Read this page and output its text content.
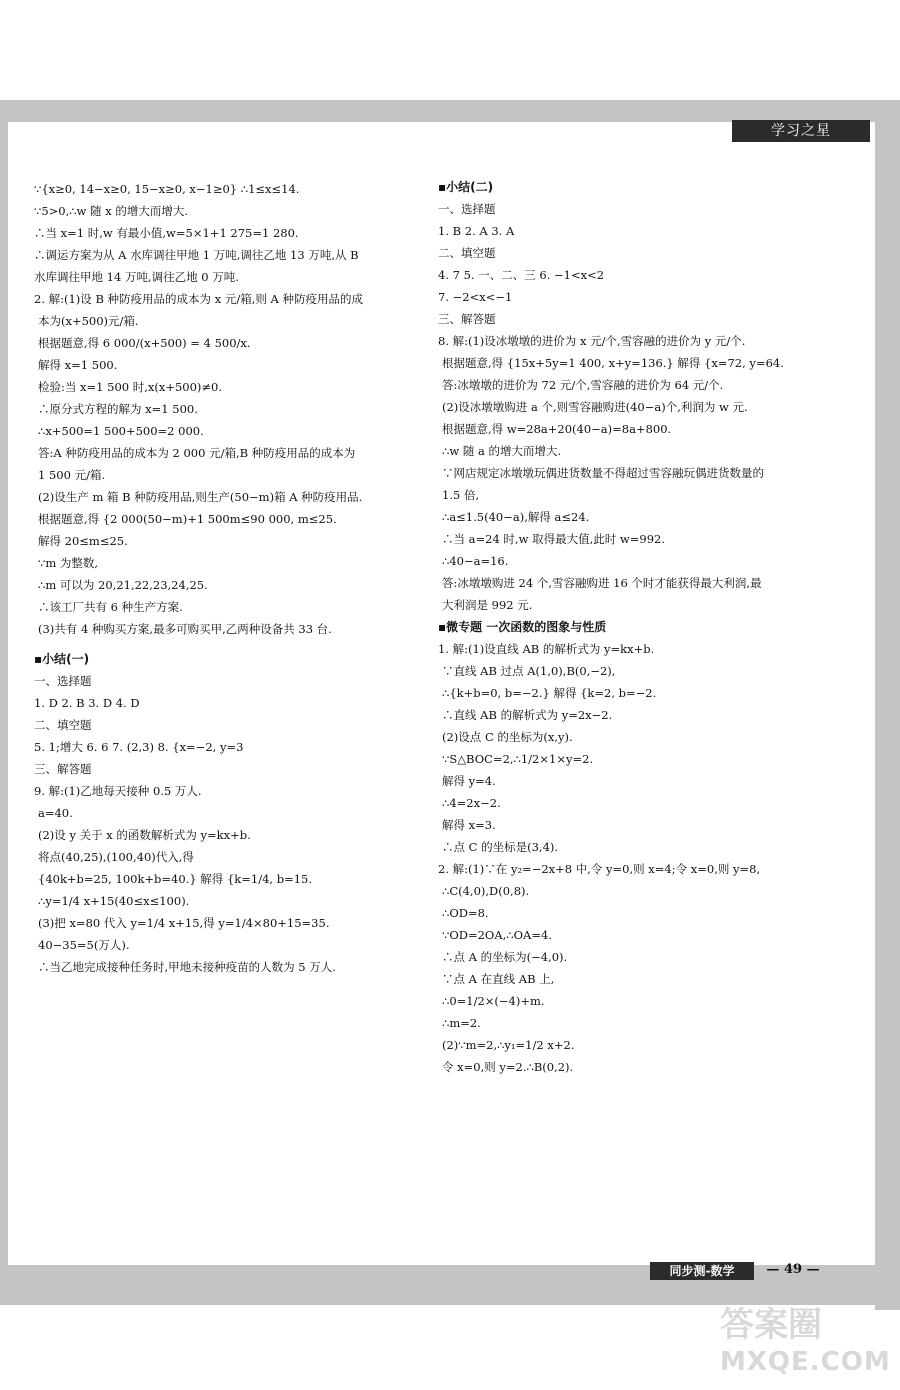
学习之星
∵{x≥0, 14−x≥0, 15−x≥0, x−1≥0} ∴1≤x≤14.
∵5>0,∴w 随 x 的增大而增大.
∴当 x=1 时,w 有最小值,w=5×1+1 275=1 280.
∴调运方案为从 A 水库调往甲地 1 万吨,调往乙地 13 万吨,从 B
水库调往甲地 14 万吨,调往乙地 0 万吨.
2. 解:(1)设 B 种防疫用品的成本为 x 元/箱,则 A 种防疫用品的成
本为(x+500)元/箱.
根据题意,得 6 000/(x+500) = 4 500/x.
解得 x=1 500.
检验:当 x=1 500 时,x(x+500)≠0.
∴原分式方程的解为 x=1 500.
∴x+500=1 500+500=2 000.
答:A 种防疫用品的成本为 2 000 元/箱,B 种防疫用品的成本为
1 500 元/箱.
(2)设生产 m 箱 B 种防疫用品,则生产(50−m)箱 A 种防疫用品.
根据题意,得 {2 000(50−m)+1 500m≤90 000, m≤25.
解得 20≤m≤25.
∵m 为整数,
∴m 可以为 20,21,22,23,24,25.
∴该工厂共有 6 种生产方案.
(3)共有 4 种购买方案,最多可购买甲,乙两种设备共 33 台.
▪小结(一)
一、选择题
1. D 2. B 3. D 4. D
二、填空题
5. 1;增大 6. 6 7. (2,3) 8. {x=−2, y=3
三、解答题
9. 解:(1)乙地每天接种 0.5 万人.
a=40.
(2)设 y 关于 x 的函数解析式为 y=kx+b.
将点(40,25),(100,40)代入,得
{40k+b=25, 100k+b=40.} 解得 {k=1/4, b=15.
∴y=1/4 x+15(40≤x≤100).
(3)把 x=80 代入 y=1/4 x+15,得 y=1/4×80+15=35.
40−35=5(万人).
∴当乙地完成接种任务时,甲地未接种疫苗的人数为 5 万人.
▪小结(二)
一、选择题
1. B 2. A 3. A
二、填空题
4. 7 5. 一、二、三 6. −1<x<2
7. −2<x<−1
三、解答题
8. 解:(1)设冰墩墩的进价为 x 元/个,雪容融的进价为 y 元/个.
根据题意,得 {15x+5y=1 400, x+y=136.} 解得 {x=72, y=64.
答:冰墩墩的进价为 72 元/个,雪容融的进价为 64 元/个.
(2)设冰墩墩购进 a 个,则雪容融购进(40−a)个,利润为 w 元.
根据题意,得 w=28a+20(40−a)=8a+800.
∴w 随 a 的增大而增大.
∵网店规定冰墩墩玩偶进货数量不得超过雪容融玩偶进货数量的
1.5 倍,
∴a≤1.5(40−a),解得 a≤24.
∴当 a=24 时,w 取得最大值,此时 w=992.
∴40−a=16.
答:冰墩墩购进 24 个,雪容融购进 16 个时才能获得最大利润,最
大利润是 992 元.
▪微专题 一次函数的图象与性质
1. 解:(1)设直线 AB 的解析式为 y=kx+b.
∵直线 AB 过点 A(1,0),B(0,−2),
∴{k+b=0, b=−2.} 解得 {k=2, b=−2.
∴直线 AB 的解析式为 y=2x−2.
(2)设点 C 的坐标为(x,y).
∵S△BOC=2,∴1/2×1×y=2.
解得 y=4.
∴4=2x−2.
解得 x=3.
∴点 C 的坐标是(3,4).
2. 解:(1)∵在 y₂=−2x+8 中,令 y=0,则 x=4;令 x=0,则 y=8,
∴C(4,0),D(0,8).
∴OD=8.
∵OD=2OA,∴OA=4.
∴点 A 的坐标为(−4,0).
∵点 A 在直线 AB 上,
∴0=1/2×(−4)+m.
∴m=2.
(2)∵m=2,∴y₁=1/2 x+2.
令 x=0,则 y=2.∴B(0,2).
同步测-数学	— 49 —
答案圈
MXQE.COM
